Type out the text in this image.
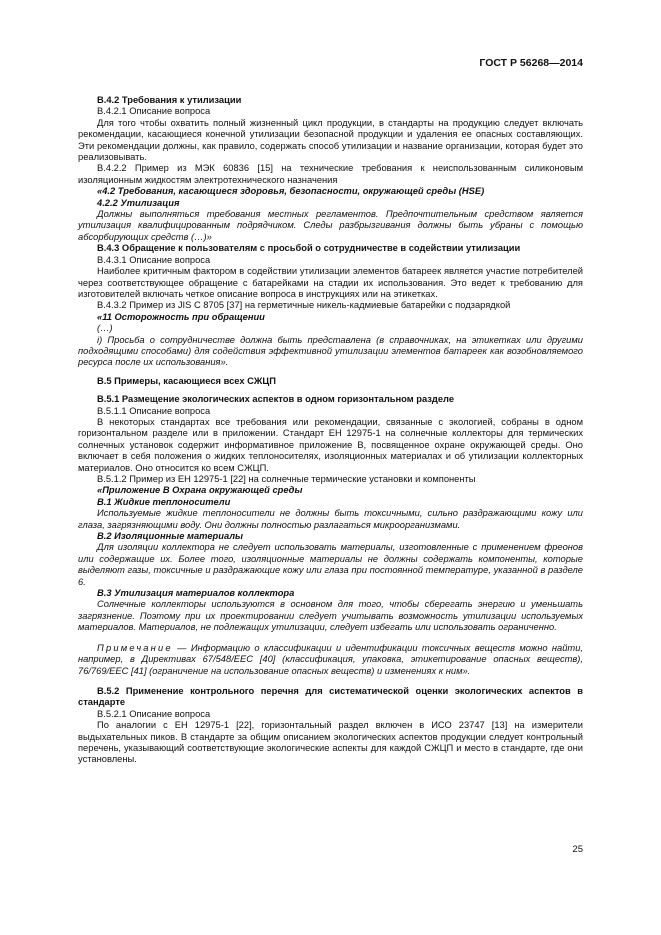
ГОСТ Р 56268—2014

B.4.2 Требования к утилизации

B.4.2.1 Описание вопроса

Для того чтобы охватить полный жизненный цикл продукции, в стандарты на продукцию следует включать рекомендации, касающиеся конечной утилизации безопасной продукции и удаления ее опасных составляющих. Эти рекомендации должны, как правило, содержать способ утилизации и название организации, которая будет это реализовывать.

B.4.2.2 Пример из МЭК 60836 [15] на технические требования к неиспользованным силиконовым изоляционным жидкостям электротехнического назначения

«4.2 Требования, касающиеся здоровья, безопасности, окружающей среды (HSE)

4.2.2 Утилизация

Должны выполняться требования местных регламентов. Предпочтительным средством является утилизация квалифицированным подрядчиком. Следы разбрызгивания должны быть убраны с помощью абсорбирующих средств (…)»

B.4.3 Обращение к пользователям с просьбой о сотрудничестве в содействии утилизации

B.4.3.1 Описание вопроса

Наиболее критичным фактором в содействии утилизации элементов батареек является участие потребителей через соответствующее обращение с батарейками на стадии их использования. Это ведет к требованию для изготовителей включать четкое описание вопроса в инструкциях или на этикетках.

B.4.3.2 Пример из JIS C 8705 [37] на герметичные никель-кадмиевые батарейки с подзарядкой

«11 Осторожность при обращении

(…)

i) Просьба о сотрудничестве должна быть представлена (в справочниках, на этикетках или другими подходящими способами) для содействия эффективной утилизации элементов батареек как возобновляемого ресурса после их использования».

B.5 Примеры, касающиеся всех СЖЦП

B.5.1 Размещение экологических аспектов в одном горизонтальном разделе

B.5.1.1 Описание вопроса

В некоторых стандартах все требования или рекомендации, связанные с экологией, собраны в одном горизонтальном разделе или в приложении. Стандарт ЕН 12975-1 на солнечные коллекторы для термических солнечных установок содержит информативное приложение В, посвященное охране окружающей среды. Оно включает в себя положения о жидких теплоносителях, изоляционных материалах и об утилизации коллекторных материалов. Оно относится ко всем СЖЦП.

B.5.1.2 Пример из ЕН 12975-1 [22] на солнечные термические установки и компоненты

«Приложение В Охрана окружающей среды

В.1 Жидкие теплоносители

Используемые жидкие теплоносители не должны быть токсичными, сильно раздражающими кожу или глаза, загрязняющими воду. Они должны полностью разлагаться микроорганизмами.

В.2 Изоляционные материалы

Для изоляции коллектора не следует использовать материалы, изготовленные с применением фреонов или содержащие их. Более того, изоляционные материалы не должны содержать компоненты, которые выделяют газы, токсичные и раздражающие кожу или глаза при постоянной температуре, указанной в разделе 6.

В.3 Утилизация материалов коллектора

Солнечные коллекторы используются в основном для того, чтобы сберегать энергию и уменьшать загрязнение. Поэтому при их проектировании следует учитывать возможность утилизации используемых материалов. Материалов, не подлежащих утилизации, следует избегать или использовать ограниченно.

Примечание — Информацию о классификации и идентификации токсичных веществ можно найти, например, в Директивах 67/548/EEC [40] (классификация, упаковка, этикетирование опасных веществ), 76/769/EEC [41] (ограничение на использование опасных веществ) и изменениях к ним».

B.5.2 Применение контрольного перечня для систематической оценки экологических аспектов в стандарте

B.5.2.1 Описание вопроса

По аналогии с ЕН 12975-1 [22], горизонтальный раздел включен в ИСО 23747 [13] на измерители выдыхательных пиков. В стандарте за общим описанием экологических аспектов продукции следует контрольный перечень, указывающий соответствующие экологические аспекты для каждой СЖЦП и место в стандарте, где они установлены.

25
